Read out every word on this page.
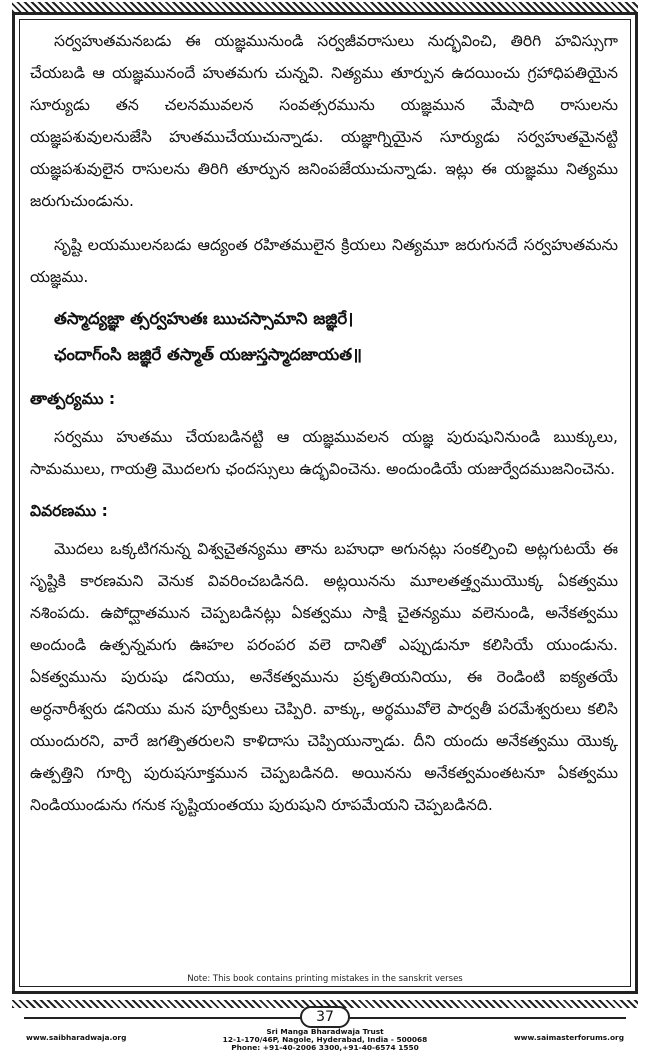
సర్వహుతమనబడు ఈ యజ్ఞమునుండి సర్వజీవరాసులు నుద్భవించి, తిరిగి హవిస్సుగా చేయబడి ఆ యజ్ఞమునందే హుతమగు చున్నవి. నిత్యము తూర్పున ఉదయించు గ్రహాధిపతియైన సూర్యుడు తన చలనమువలన సంవత్సరమును యజ్ఞమున మేషాది రాసులను యజ్ఞపశువులనుజేసి హుతముచేయుచున్నాడు. యజ్ఞాగ్నియైన సూర్యుడు సర్వహుతమైనట్టి యజ్ఞపశువులైన రాసులను తిరిగి తూర్పున జనింపజేయుచున్నాడు. ఇట్లు ఈ యజ్ఞము నిత్యము జరుగుచుండును.
సృష్టి లయములనబడు ఆద్యంత రహితములైన క్రియలు నిత్యమూ జరుగునదే సర్వహుతమను యజ్ఞము.
తస్మాద్యజ్ఞా త్సర్వహుతః ఋచస్సామాని జజ్ఞిరే।
ఛందాగ్ంసి జజ్ఞిరే తస్మాత్ యజుస్తస్మాదజాయత॥
తాత్పర్యము :
సర్వము హుతము చేయబడినట్టి ఆ యజ్ఞమువలన యజ్ఞ పురుషునినుండి ఋక్కులు, సామములు, గాయత్రి మొదలగు ఛందస్సులు ఉద్భవించెను. అందుండియే యజుర్వేదముజనించెను.
వివరణము :
మొదలు ఒక్కటిగనున్న విశ్వచైతన్యము తాను బహుధా అగునట్లు సంకల్పించి అట్లగుటయే ఈ సృష్టికి కారణమని వెనుక వివరించబడినది. అట్లయినను మూలతత్త్వముయొక్క ఏకత్వము నశింపదు. ఉపోద్ఘాతమున చెప్పబడినట్లు ఏకత్వము సాక్షి చైతన్యము వలెనుండి, అనేకత్వము అందుండి ఉత్పన్నమగు ఊహల పరంపర వలె దానితో ఎప్పుడునూ కలిసియే యుండును. ఏకత్వమును పురుషు డనియు, అనేకత్వమును ప్రకృతియనియు, ఈ రెండింటి ఐక్యతయే అర్ధనారీశ్వరు డనియు మన పూర్వీకులు చెప్పిరి. వాక్కు, అర్థమువోలె పార్వతీ పరమేశ్వరులు కలిసి యుందురని, వారే జగత్పితరులని కాళిదాసు చెప్పియున్నాడు. దీని యందు అనేకత్వము యొక్క ఉత్పత్తిని గూర్చి పురుషసూక్తమున చెప్పబడినది. అయినను అనేకత్వమంతటనూ ఏకత్వము నిండియుండును గనుక సృష్టియంతయు పురుషుని రూపమేయని చెప్పబడినది.
Note: This book contains printing mistakes in the sanskrit verses
37
www.saibharadwaja.org
Sri Manga Bharadwaja Trust
12-1-170/46P, Nagole, Hyderabad, India - 500068
Phone: +91-40-2006 3300,+91-40-6574 1550
www.saimasterforums.org
